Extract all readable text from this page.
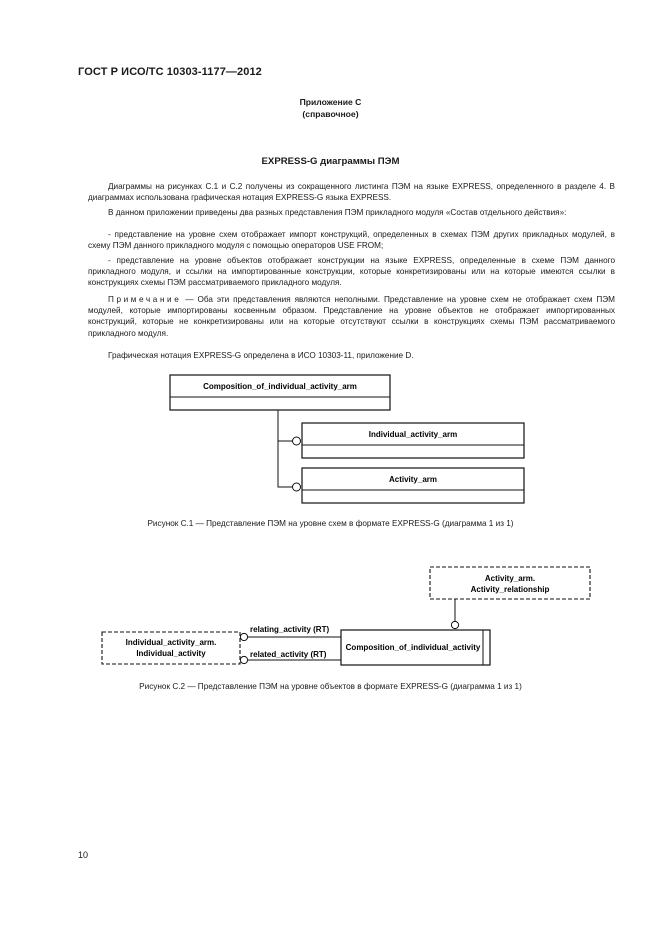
ГОСТ Р ИСО/ТС 10303-1177—2012
Приложение С
(справочное)
EXPRESS-G диаграммы ПЭМ
Диаграммы на рисунках С.1 и С.2 получены из сокращенного листинга ПЭМ на языке EXPRESS, определенного в разделе 4. В диаграммах использована графическая нотация EXPRESS-G языка EXPRESS.
В данном приложении приведены два разных представления ПЭМ прикладного модуля «Состав отдельного действия»:
- представление на уровне схем отображает импорт конструкций, определенных в схемах ПЭМ других прикладных модулей, в схему ПЭМ данного прикладного модуля с помощью операторов USE FROM;
- представление на уровне объектов отображает конструкции на языке EXPRESS, определенные в схеме ПЭМ данного прикладного модуля, и ссылки на импортированные конструкции, которые конкретизированы или на которые имеются ссылки в конструкциях схемы ПЭМ рассматриваемого прикладного модуля.
Примечание — Оба эти представления являются неполными. Представление на уровне схем не отображает схем ПЭМ модулей, которые импортированы косвенным образом. Представление на уровне объектов не отображает импортированных конструкций, которые не конкретизированы или на которые отсутствуют ссылки в конструкциях схемы ПЭМ рассматриваемого прикладного модуля.
Графическая нотация EXPRESS-G определена в ИСО 10303-11, приложение D.
Composition_of_individual_activity_arm
Individual_activity_arm
Activity_arm
Activity_arm.
Activity_relationship
Individual_activity_arm.
Individual_activity
Composition_of_individual_activity
relating_activity (RT)
related_activity (RT)
Рисунок С.1 — Представление ПЭМ на уровне схем в формате EXPRESS-G (диаграмма 1 из 1)
Рисунок С.2 — Представление ПЭМ на уровне объектов в формате EXPRESS-G (диаграмма 1 из 1)
10
